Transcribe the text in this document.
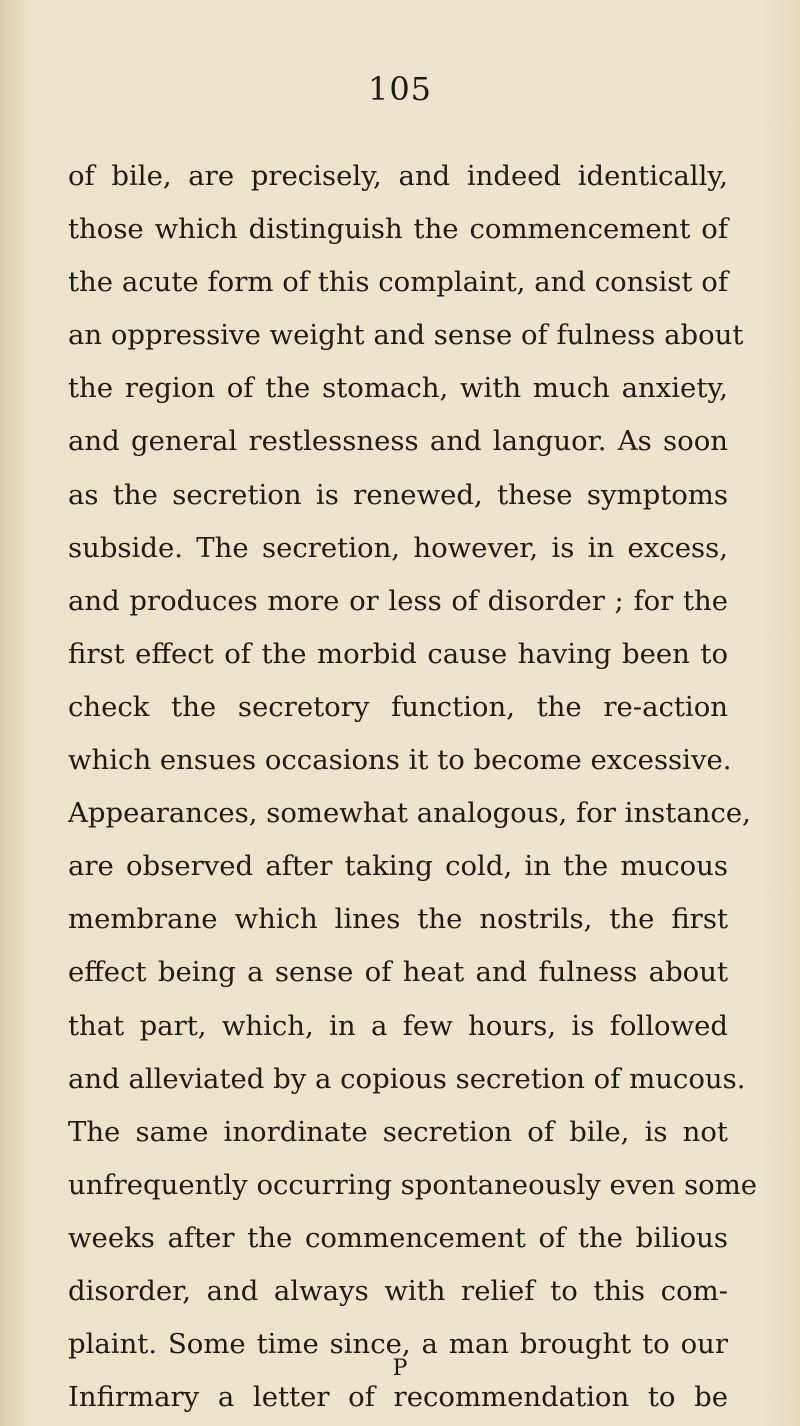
105
of bile, are precisely, and indeed identically,
those which distinguish the commencement of
the acute form of this complaint, and consist of
an oppressive weight and sense of fulness about
the region of the stomach, with much anxiety,
and general restlessness and languor. As soon
as the secretion is renewed, these symptoms
subside. The secretion, however, is in excess,
and produces more or less of disorder ; for the
first effect of the morbid cause having been to
check the secretory function, the re-action
which ensues occasions it to become excessive.
Appearances, somewhat analogous, for instance,
are observed after taking cold, in the mucous
membrane which lines the nostrils, the first
effect being a sense of heat and fulness about
that part, which, in a few hours, is followed
and alleviated by a copious secretion of mucous.
The same inordinate secretion of bile, is not
unfrequently occurring spontaneously even some
weeks after the commencement of the bilious
disorder, and always with relief to this com-
plaint. Some time since, a man brought to our
Infirmary a letter of recommendation to be
P
